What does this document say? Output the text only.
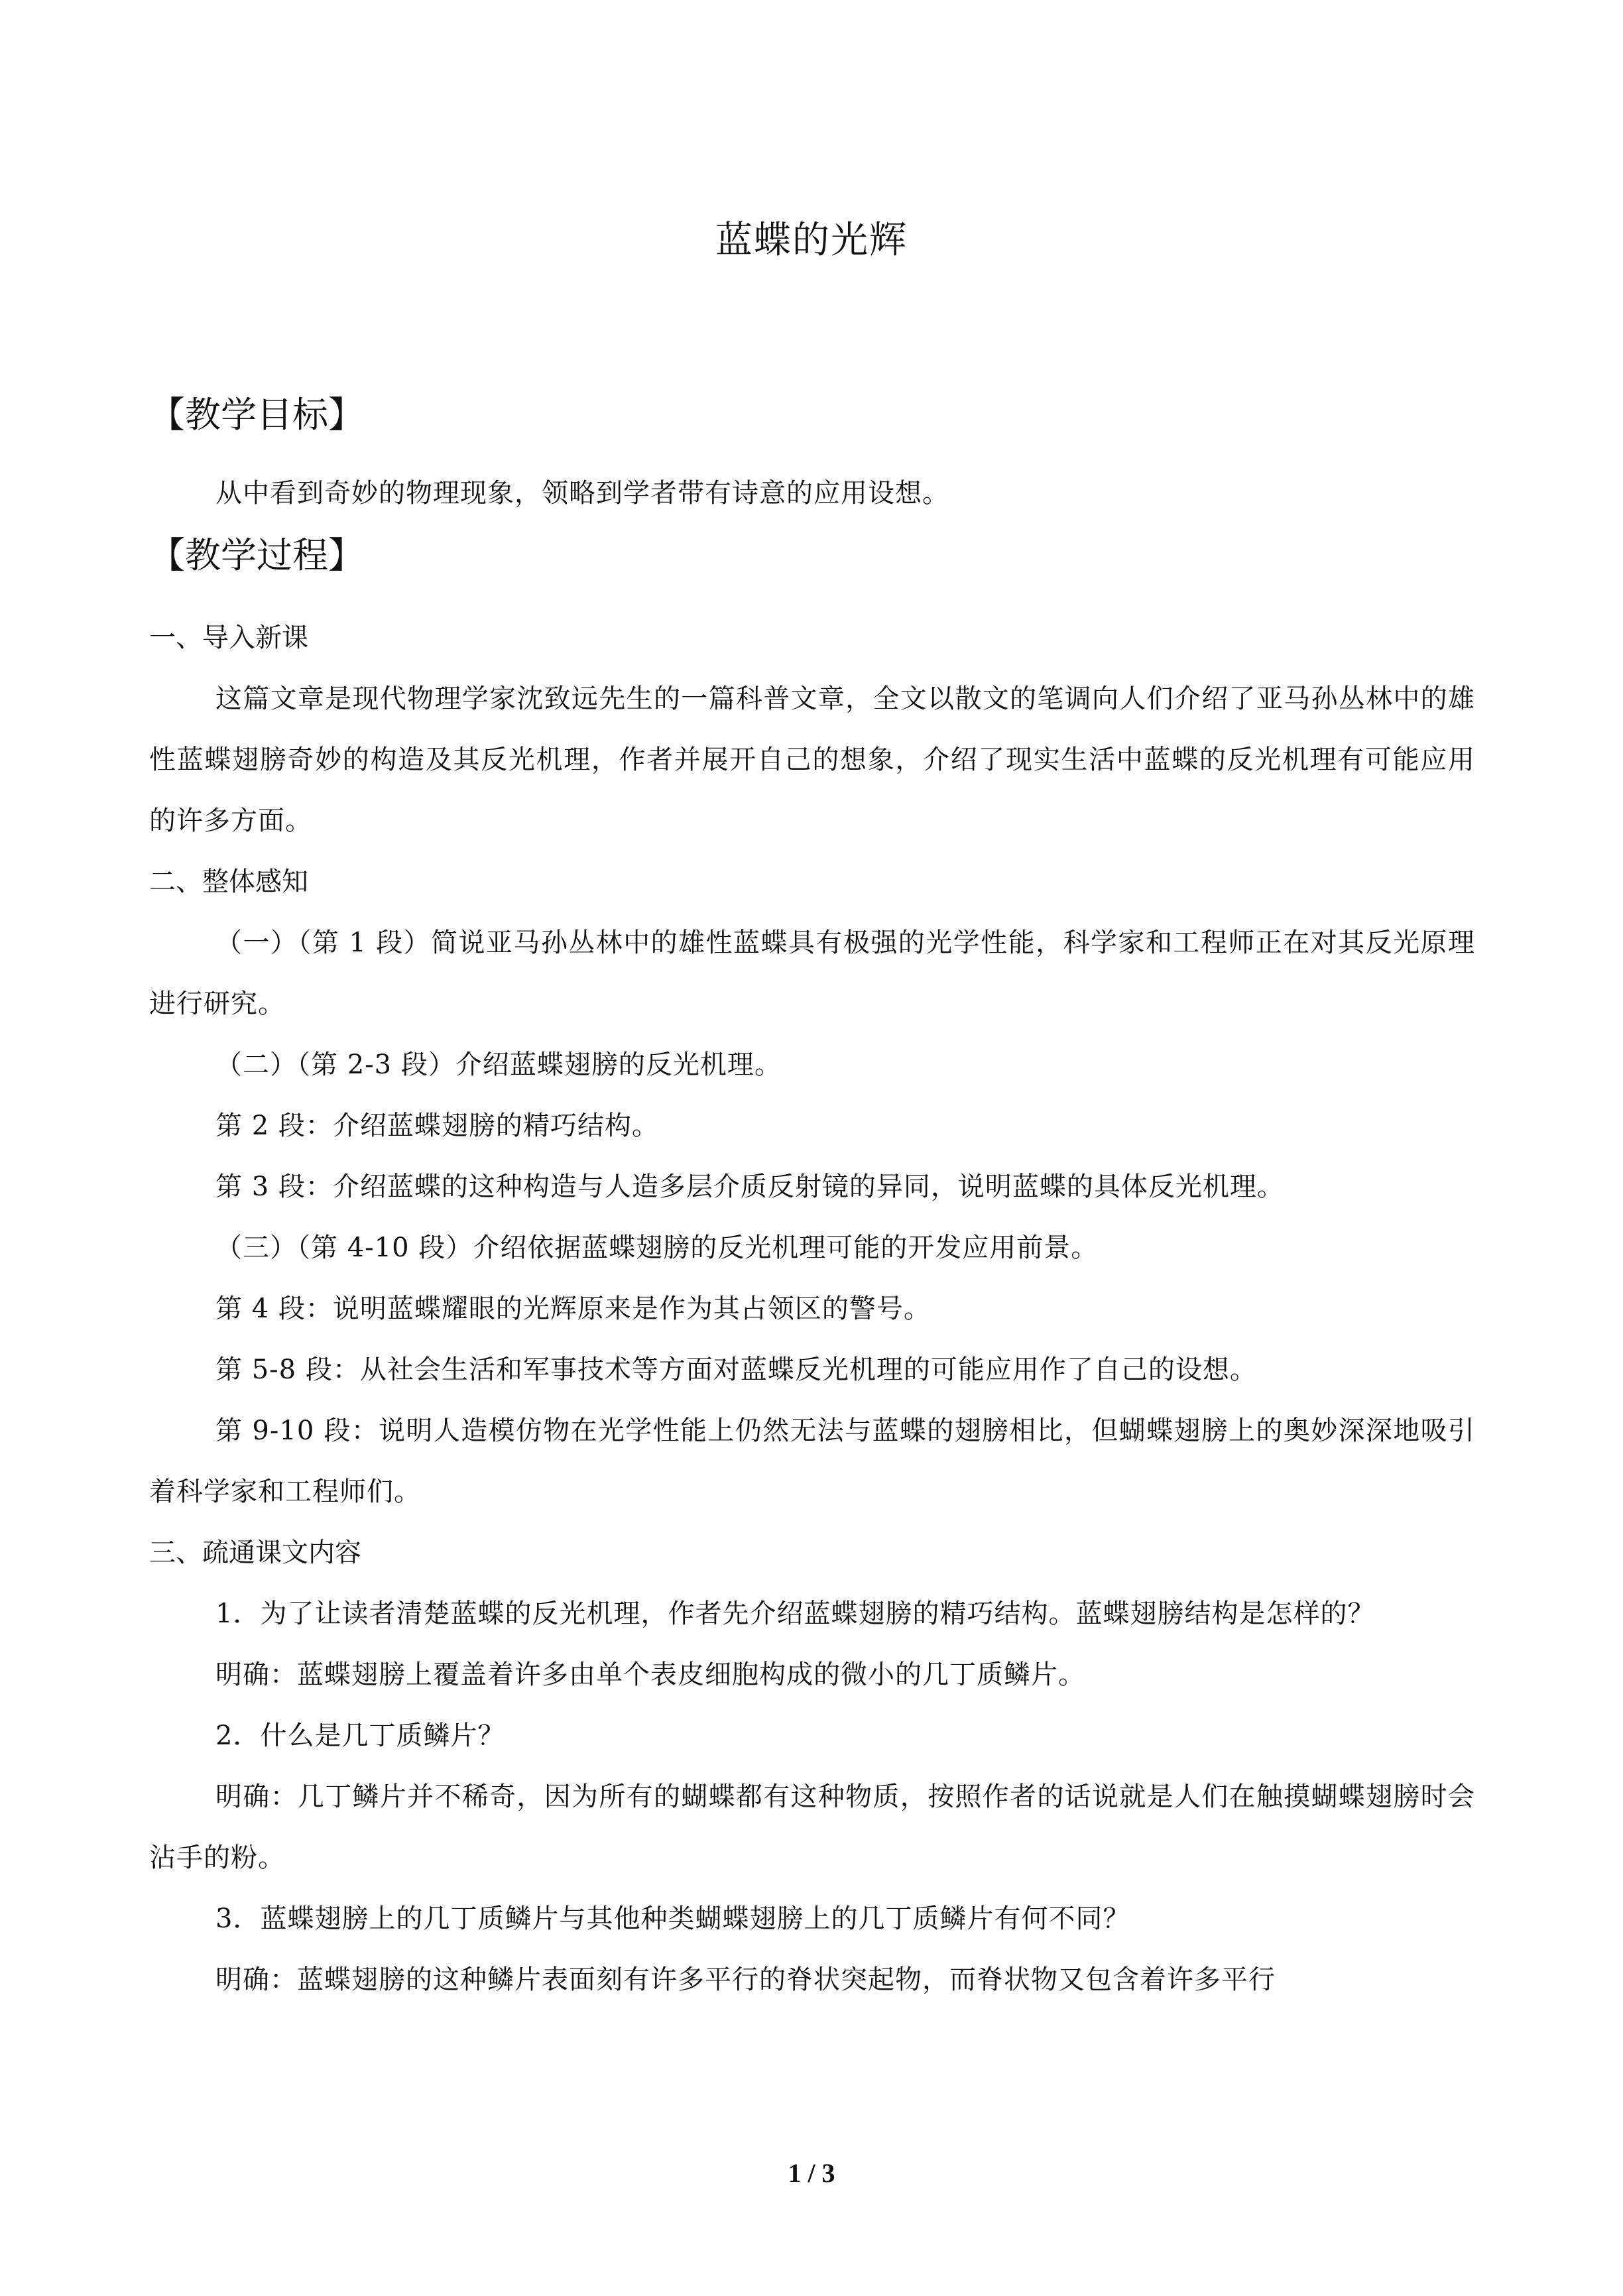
蓝蝶的光辉
【教学目标】

从中看到奇妙的物理现象，领略到学者带有诗意的应用设想。

【教学过程】
一、导入新课

这篇文章是现代物理学家沈致远先生的一篇科普文章，全文以散文的笔调向人们介绍了亚马孙丛林中的雄性蓝蝶翅膀奇妙的构造及其反光机理，作者并展开自己的想象，介绍了现实生活中蓝蝶的反光机理有可能应用的许多方面。

二、整体感知

（一）（第 1 段）简说亚马孙丛林中的雄性蓝蝶具有极强的光学性能，科学家和工程师正在对其反光原理进行研究。

（二）（第 2-3 段）介绍蓝蝶翅膀的反光机理。

第 2 段：介绍蓝蝶翅膀的精巧结构。

第 3 段：介绍蓝蝶的这种构造与人造多层介质反射镜的异同，说明蓝蝶的具体反光机理。

（三）（第 4-10 段）介绍依据蓝蝶翅膀的反光机理可能的开发应用前景。

第 4 段：说明蓝蝶耀眼的光辉原来是作为其占领区的警号。

第 5-8 段：从社会生活和军事技术等方面对蓝蝶反光机理的可能应用作了自己的设想。

第 9-10 段：说明人造模仿物在光学性能上仍然无法与蓝蝶的翅膀相比，但蝴蝶翅膀上的奥妙深深地吸引着科学家和工程师们。

三、疏通课文内容

1．为了让读者清楚蓝蝶的反光机理，作者先介绍蓝蝶翅膀的精巧结构。蓝蝶翅膀结构是怎样的？

明确：蓝蝶翅膀上覆盖着许多由单个表皮细胞构成的微小的几丁质鳞片。

2．什么是几丁质鳞片？

明确：几丁鳞片并不稀奇，因为所有的蝴蝶都有这种物质，按照作者的话说就是人们在触摸蝴蝶翅膀时会沾手的粉。

3．蓝蝶翅膀上的几丁质鳞片与其他种类蝴蝶翅膀上的几丁质鳞片有何不同？

明确：蓝蝶翅膀的这种鳞片表面刻有许多平行的脊状突起物，而脊状物又包含着许多平行

1 / 3
